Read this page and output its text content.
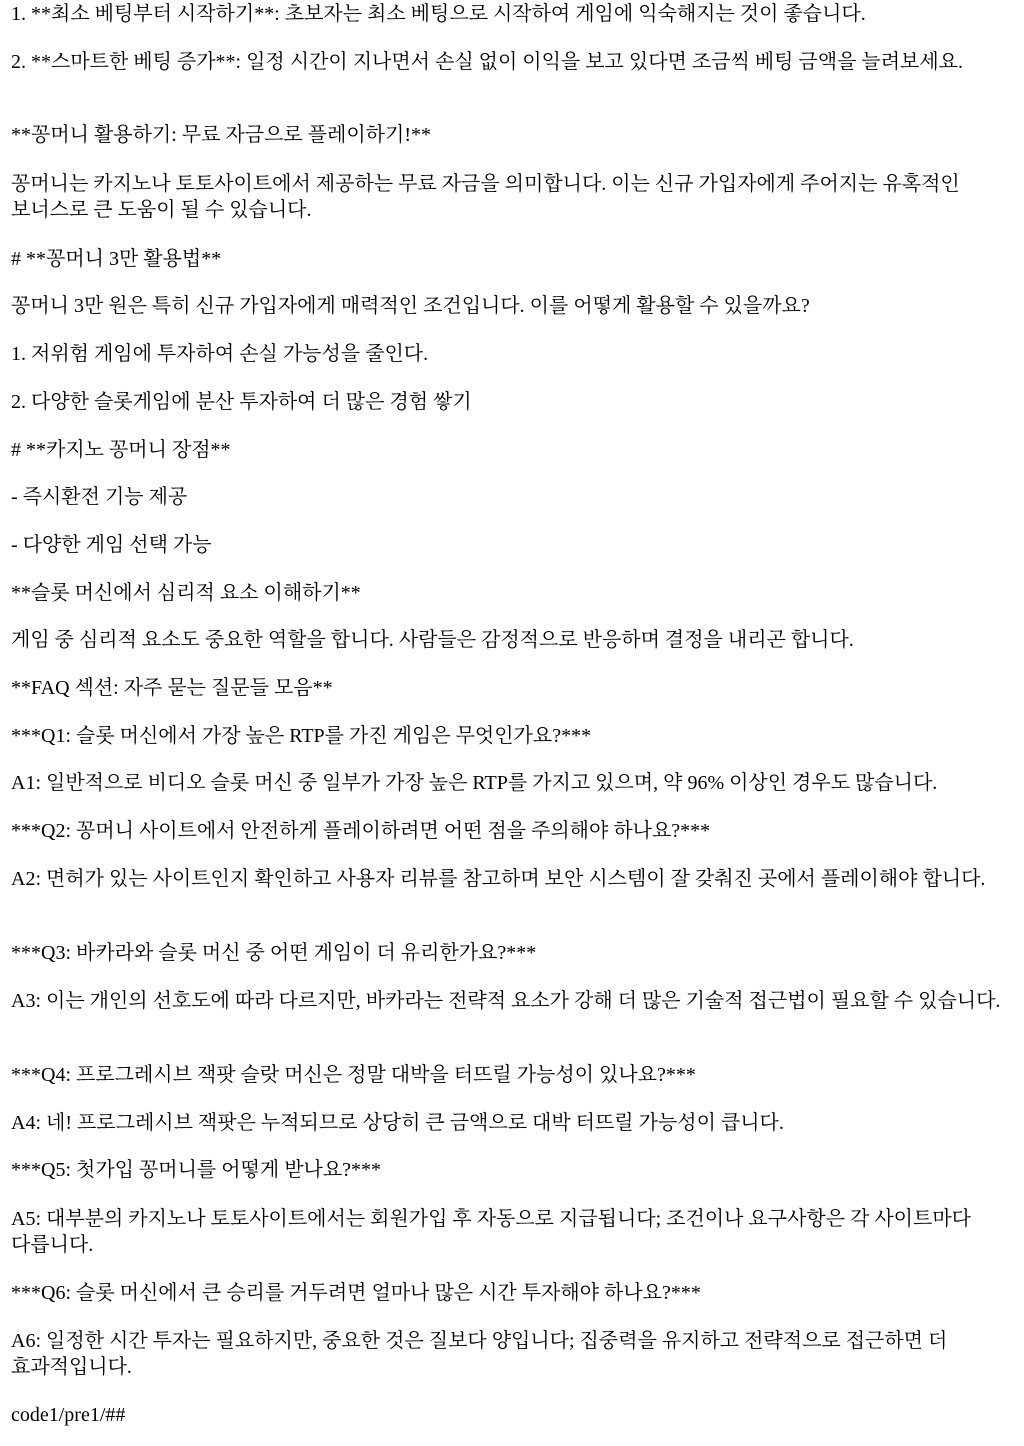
1. **최소 베팅부터 시작하기**: 초보자는 최소 베팅으로 시작하여 게임에 익숙해지는 것이 좋습니다.

2. **스마트한 베팅 증가**: 일정 시간이 지나면서 손실 없이 이익을 보고 있다면 조금씩 베팅 금액을 늘려보세요.

**꽁머니 활용하기: 무료 자금으로 플레이하기!**

꽁머니는 카지노나 토토사이트에서 제공하는 무료 자금을 의미합니다. 이는 신규 가입자에게 주어지는 유혹적인 보너스로 큰 도움이 될 수 있습니다.

# **꽁머니 3만 활용법**

꽁머니 3만 원은 특히 신규 가입자에게 매력적인 조건입니다. 이를 어떻게 활용할 수 있을까요?

1. 저위험 게임에 투자하여 손실 가능성을 줄인다.

2. 다양한 슬롯게임에 분산 투자하여 더 많은 경험 쌓기

# **카지노 꽁머니 장점**

- 즉시환전 기능 제공

- 다양한 게임 선택 가능

**슬롯 머신에서 심리적 요소 이해하기**

게임 중 심리적 요소도 중요한 역할을 합니다. 사람들은 감정적으로 반응하며 결정을 내리곤 합니다.

**FAQ 섹션: 자주 묻는 질문들 모음**

***Q1: 슬롯 머신에서 가장 높은 RTP를 가진 게임은 무엇인가요?***

A1: 일반적으로 비디오 슬롯 머신 중 일부가 가장 높은 RTP를 가지고 있으며, 약 96% 이상인 경우도 많습니다.

***Q2: 꽁머니 사이트에서 안전하게 플레이하려면 어떤 점을 주의해야 하나요?***

A2: 면허가 있는 사이트인지 확인하고 사용자 리뷰를 참고하며 보안 시스템이 잘 갖춰진 곳에서 플레이해야 합니다.

***Q3: 바카라와 슬롯 머신 중 어떤 게임이 더 유리한가요?***

A3: 이는 개인의 선호도에 따라 다르지만, 바카라는 전략적 요소가 강해 더 많은 기술적 접근법이 필요할 수 있습니다.

***Q4: 프로그레시브 잭팟 슬랏 머신은 정말 대박을 터뜨릴 가능성이 있나요?***

A4: 네! 프로그레시브 잭팟은 누적되므로 상당히 큰 금액으로 대박 터뜨릴 가능성이 큽니다.

***Q5: 첫가입 꽁머니를 어떻게 받나요?***

A5: 대부분의 카지노나 토토사이트에서는 회원가입 후 자동으로 지급됩니다; 조건이나 요구사항은 각 사이트마다 다릅니다.

***Q6: 슬롯 머신에서 큰 승리를 거두려면 얼마나 많은 시간 투자해야 하나요?***

A6: 일정한 시간 투자는 필요하지만, 중요한 것은 질보다 양입니다; 집중력을 유지하고 전략적으로 접근하면 더 효과적입니다.

code1/pre1/##
